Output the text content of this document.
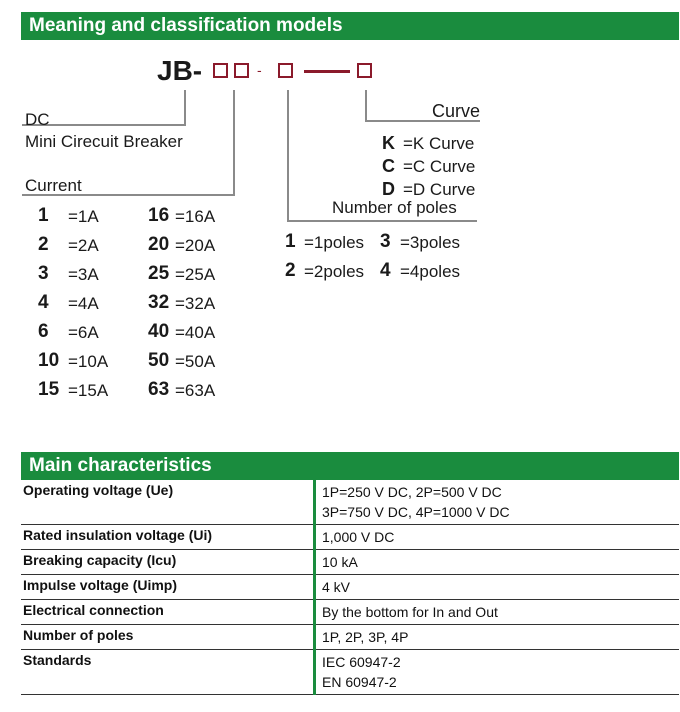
Meaning and classification models
JB-	-
DC
Mini Cirecuit Breaker
Curve
K =K Curve
C =C Curve
D =D Curve
Current
1 =1A
2 =2A
3 =3A
4 =4A
6 =6A
10 =10A
15 =15A
16 =16A
20 =20A
25 =25A
32 =32A
40 =40A
50 =50A
63 =63A
Number of poles
1 =1poles 3 =3poles
2 =2poles 4 =4poles
Main characteristics
Operating voltage (Ue)	1P=250 V DC, 2P=500 V DC
3P=750 V DC, 4P=1000 V DC

Rated insulation voltage (Ui)	1,000 V DC

Breaking capacity (Icu)	10 kA

Impulse voltage (Uimp)	4 kV

Electrical connection	By the bottom for In and Out

Number of poles	1P, 2P, 3P, 4P

Standards	IEC 60947-2
EN 60947-2
